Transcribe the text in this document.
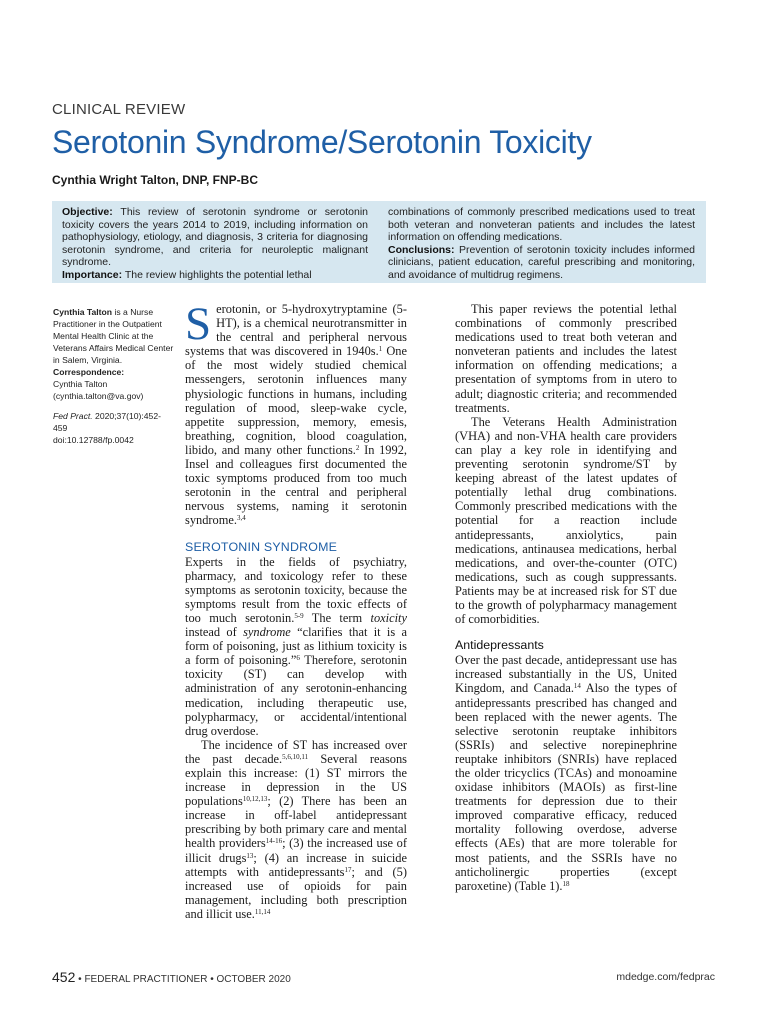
CLINICAL REVIEW
Serotonin Syndrome/Serotonin Toxicity
Cynthia Wright Talton, DNP, FNP-BC

Objective: This review of serotonin syndrome or serotonin toxicity covers the years 2014 to 2019, including information on pathophysiology, etiology, and diagnosis, 3 criteria for diagnosing serotonin syndrome, and criteria for neuroleptic malignant syndrome.

Importance: The review highlights the potential lethal

combinations of commonly prescribed medications used to treat both veteran and nonveteran patients and includes the latest information on offending medications.

Conclusions: Prevention of serotonin toxicity includes informed clinicians, patient education, careful prescribing and monitoring, and avoidance of multidrug regimens.

Cynthia Talton is a Nurse Practitioner in the Outpatient Mental Health Clinic at the Veterans Affairs Medical Center in Salem, Virginia.

Correspondence:

Cynthia Talton

(cynthia.talton@va.gov)

Fed Pract. 2020;37(10):452-459

doi:10.12788/fp.0042

Serotonin, or 5-hydroxytryptamine (5-HT), is a chemical neurotransmitter in the central and peripheral nervous systems that was discovered in 1940s.$^1$ One of the most widely studied chemical messengers, serotonin influences many physiologic functions in humans, including regulation of mood, sleep-wake cycle, appetite suppression, memory, emesis, breathing, cognition, blood coagulation, libido, and many other functions.$^2$ In 1992, Insel and colleagues first documented the toxic symptoms produced from too much serotonin in the central and peripheral nervous systems, naming it serotonin syndrome.$^{3,4}$

SEROTONIN SYNDROME

Experts in the fields of psychiatry, pharmacy, and toxicology refer to these symptoms as serotonin toxicity, because the symptoms result from the toxic effects of too much serotonin.$^{5-9}$ The term toxicity instead of syndrome “clarifies that it is a form of poisoning, just as lithium toxicity is a form of poisoning.”$^6$ Therefore, serotonin toxicity (ST) can develop with administration of any serotonin-enhancing medication, including therapeutic use, polypharmacy, or accidental/intentional drug overdose.

The incidence of ST has increased over the past decade.$^{5,6,10,11}$ Several reasons explain this increase: (1) ST mirrors the increase in depression in the US populations$^{10,12,13}$; (2) There has been an increase in off-label antidepressant prescribing by both primary care and mental health providers$^{14-16}$; (3) the increased use of illicit drugs$^{13}$; (4) an increase in suicide attempts with antidepressants$^{17}$; and (5) increased use of opioids for pain management, including both prescription and illicit use.$^{11,14}$

This paper reviews the potential lethal combinations of commonly prescribed medications used to treat both veteran and nonveteran patients and includes the latest information on offending medications; a presentation of symptoms from in utero to adult; diagnostic criteria; and recommended treatments.

The Veterans Health Administration (VHA) and non-VHA health care providers can play a key role in identifying and preventing serotonin syndrome/ST by keeping abreast of the latest updates of potentially lethal drug combinations. Commonly prescribed medications with the potential for a reaction include antidepressants, anxiolytics, pain medications, antinausea medications, herbal medications, and over-the-counter (OTC) medications, such as cough suppressants. Patients may be at increased risk for ST due to the growth of polypharmacy management of comorbidities.

Antidepressants

Over the past decade, antidepressant use has increased substantially in the US, United Kingdom, and Canada.$^{14}$ Also the types of antidepressants prescribed has changed and been replaced with the newer agents. The selective serotonin reuptake inhibitors (SSRIs) and selective norepinephrine reuptake inhibitors (SNRIs) have replaced the older tricyclics (TCAs) and monoamine oxidase inhibitors (MAOIs) as first-line treatments for depression due to their improved comparative efficacy, reduced mortality following overdose, adverse effects (AEs) that are more tolerable for most patients, and the SSRIs have no anticholinergic properties (except paroxetine) (Table 1).$^{18}$

452 • FEDERAL PRACTITIONER • OCTOBER 2020	mdedge.com/fedprac
